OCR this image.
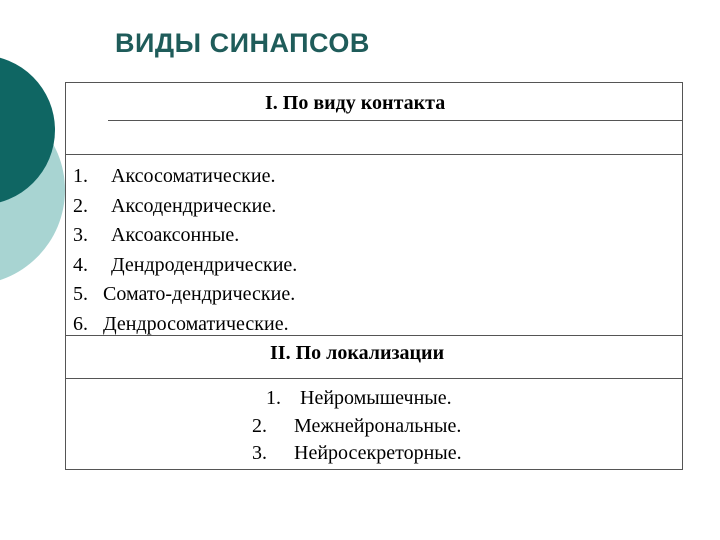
ВИДЫ СИНАПСОВ
I. По виду контакта
1.	Аксосоматические.
2.	Аксодендрические.
3.	Аксоаксонные.
4.	Дендродендрические.
5. Сомато-дендрические.
6. Дендросоматические.
II. По локализации
1. Нейромышечные.
2.	Межнейрональные.
3.	Нейросекреторные.
